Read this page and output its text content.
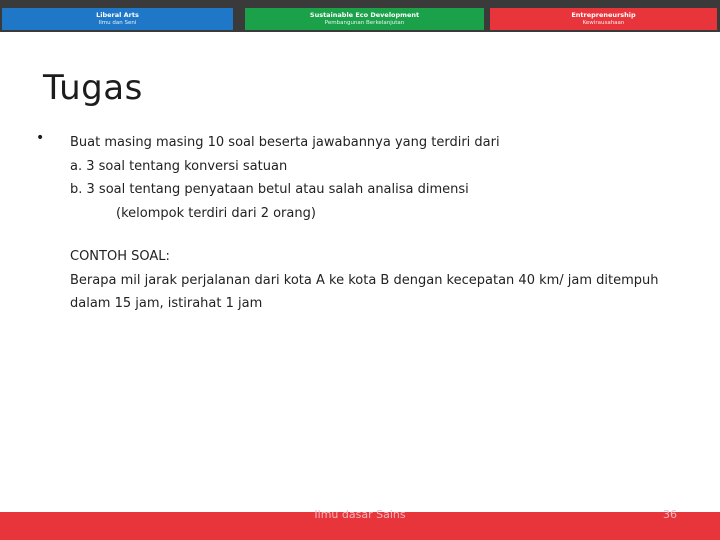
Liberal Arts
Ilmu dan Seni
Sustainable Eco Development
Pembangunan Berkelanjutan
Entrepreneurship
Kewirausahaan
Tugas
• Buat masing masing 10 soal beserta jawabannya yang terdiri dari
a. 3 soal tentang konversi satuan
b. 3 soal tentang penyataan betul atau salah analisa dimensi
(kelompok terdiri dari 2 orang)
CONTOH SOAL:
Berapa mil jarak perjalanan dari kota A ke kota B dengan kecepatan 40 km/ jam ditempuh
dalam 15 jam, istirahat 1 jam
Ilmu dasar Sains	36
